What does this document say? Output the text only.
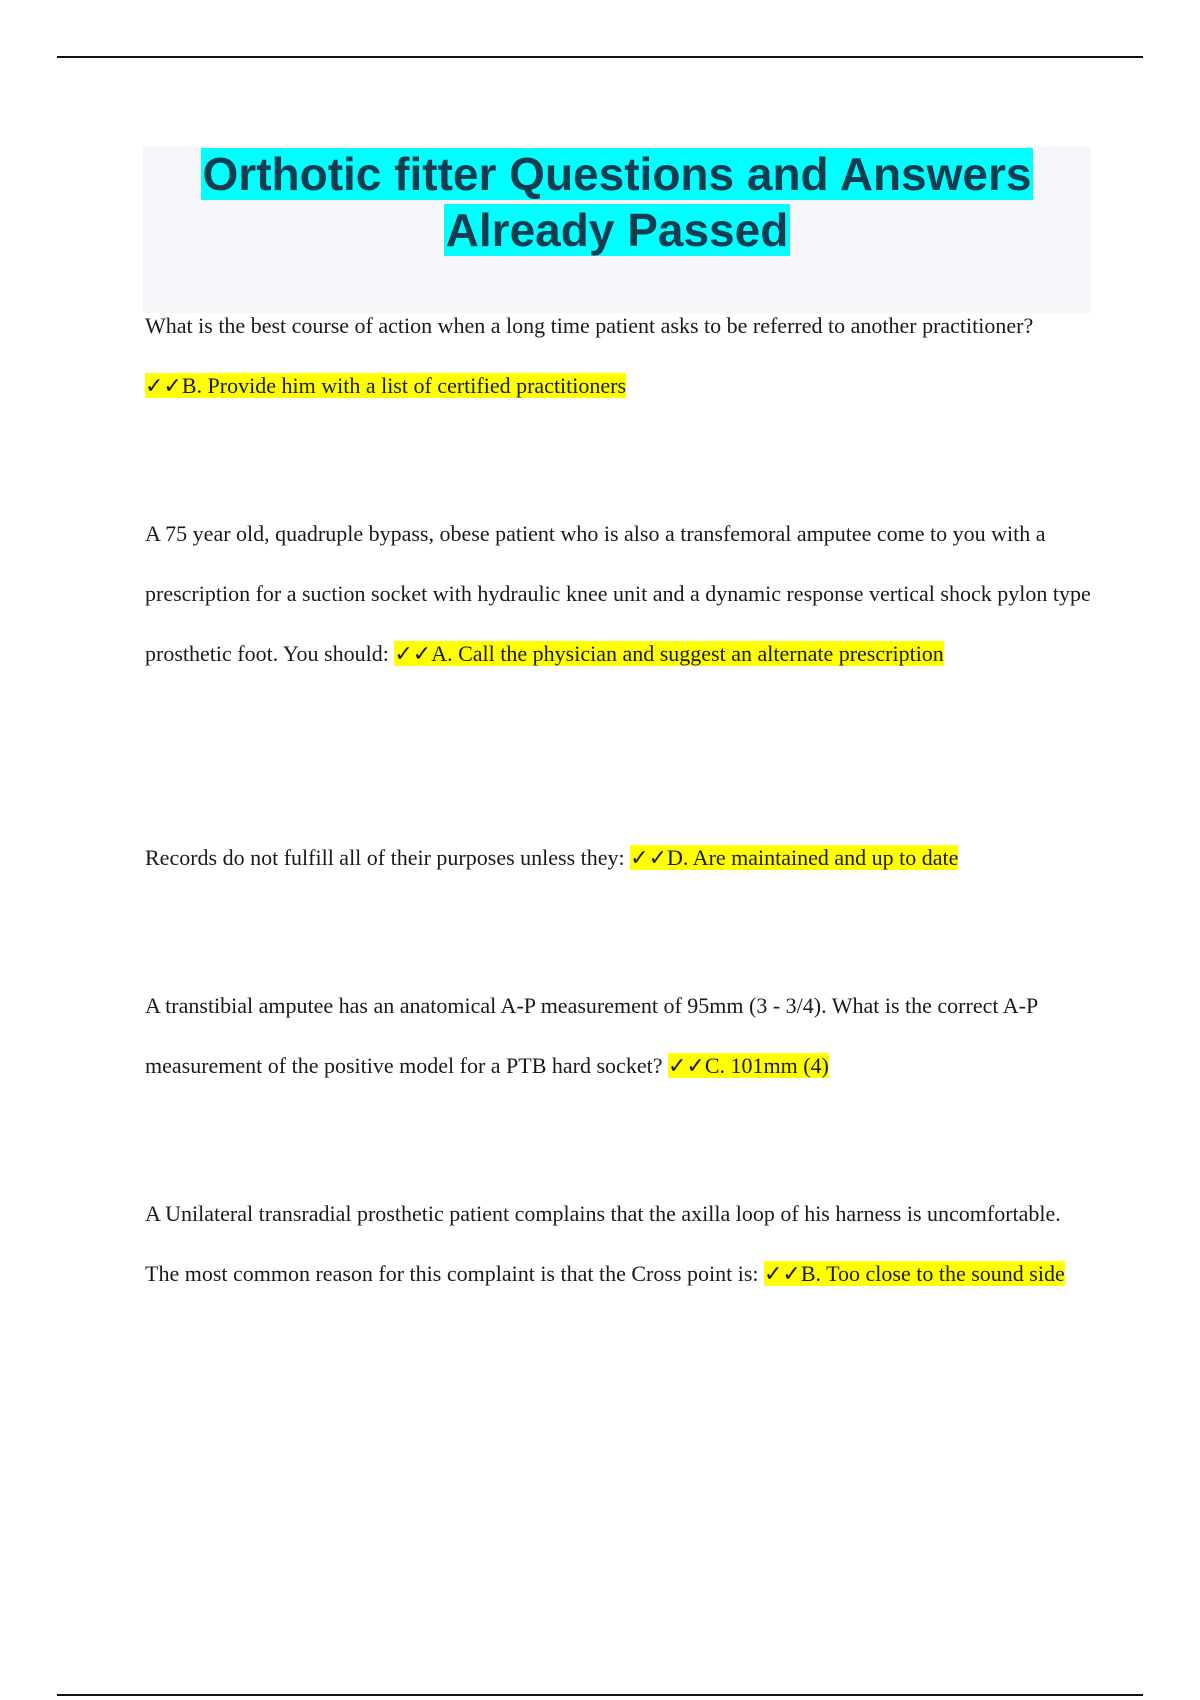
Orthotic fitter Questions and Answers
Already Passed

What is the best course of action when a long time patient asks to be referred to another practitioner? ✓✓B. Provide him with a list of certified practitioners

A 75 year old, quadruple bypass, obese patient who is also a transfemoral amputee come to you with a prescription for a suction socket with hydraulic knee unit and a dynamic response vertical shock pylon type prosthetic foot. You should: ✓✓A. Call the physician and suggest an alternate prescription

Records do not fulfill all of their purposes unless they: ✓✓D. Are maintained and up to date

A transtibial amputee has an anatomical A-P measurement of 95mm (3 - 3/4). What is the correct A-P measurement of the positive model for a PTB hard socket? ✓✓C. 101mm (4)

A Unilateral transradial prosthetic patient complains that the axilla loop of his harness is uncomfortable. The most common reason for this complaint is that the Cross point is: ✓✓B. Too close to the sound side
